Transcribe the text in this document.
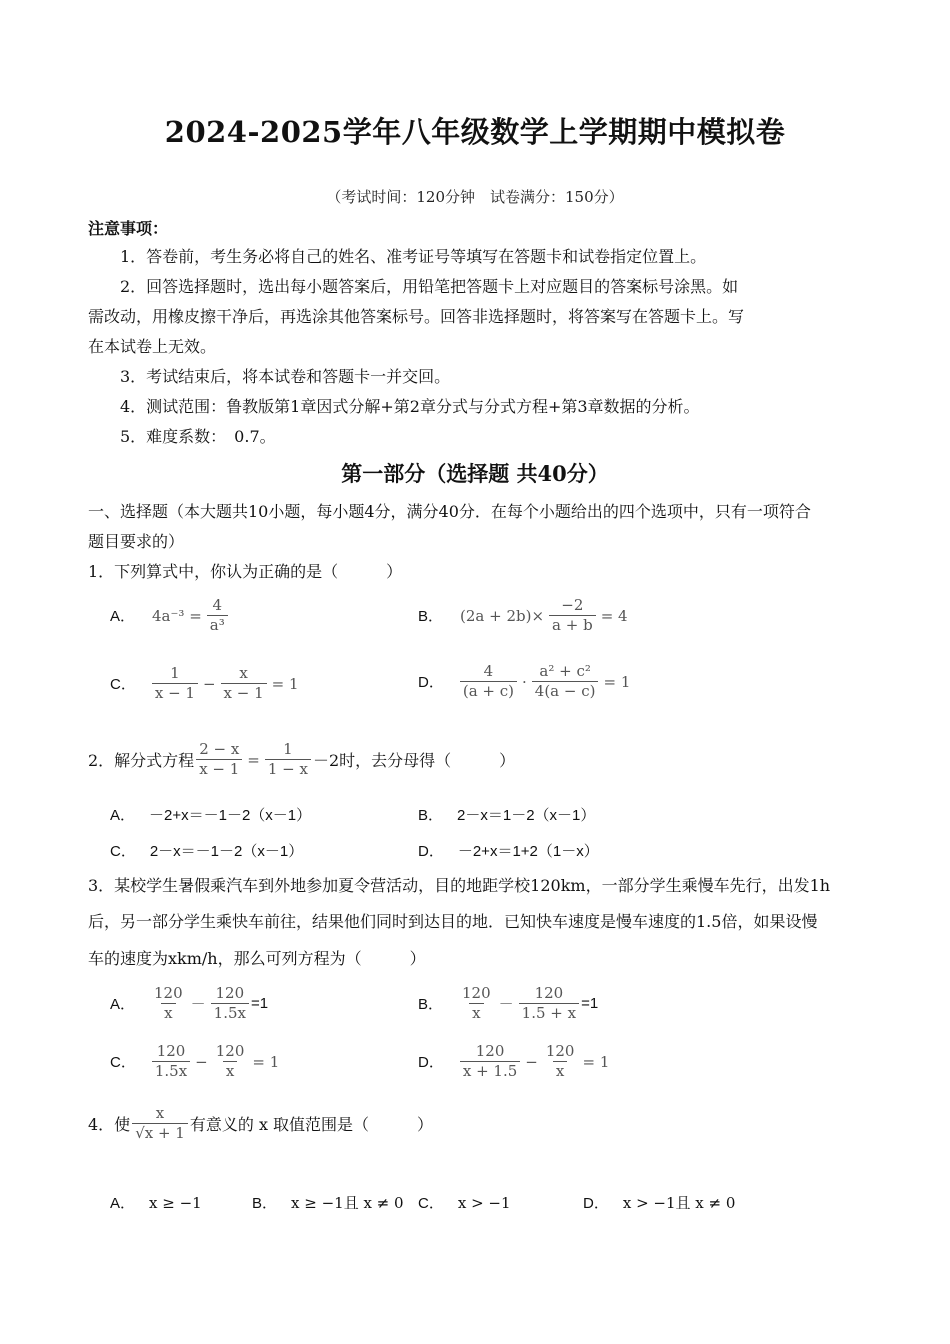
2024-2025学年八年级数学上学期期中模拟卷
（考试时间：120分钟　试卷满分：150分）
注意事项：
1．答卷前，考生务必将自己的姓名、准考证号等填写在答题卡和试卷指定位置上。
2．回答选择题时，选出每小题答案后，用铅笔把答题卡上对应题目的答案标号涂黑。如
需改动，用橡皮擦干净后，再选涂其他答案标号。回答非选择题时，将答案写在答题卡上。写
在本试卷上无效。
3．考试结束后，将本试卷和答题卡一并交回。
4．测试范围：鲁教版第1章因式分解+第2章分式与分式方程+第3章数据的分析。
5．难度系数：　0.7。
第一部分（选择题 共40分）
一、选择题（本大题共10小题，每小题4分，满分40分．在每个小题给出的四个选项中，只有一项符合
题目要求的）
1．下列算式中，你认为正确的是（　　　）
A． $4a^{-3} = \frac{4}{\text{a³}}$	B． $(2a + 2b)\times \frac{-2}{a + b} = 4$
C． $\frac{1}{x - 1} - \frac{x}{x - 1} = 1$	D． $\frac{4}{(a + c)} \cdot \frac{\text{a² + c²}}{4(a - c)} = 1$
2．解分式方程 $\frac{2 - x}{x - 1} = \frac{1}{1 - x} -2$时，去分母得（　　　）
A． －2+x＝－1－2（x－1）	B． 2－x＝1－2（x－1）
C． 2－x＝－1－2（x－1）	D． －2+x＝1+2（1－x）
3．某校学生暑假乘汽车到外地参加夏令营活动，目的地距学校120km，一部分学生乘慢车先行，出发1h
后，另一部分学生乘快车前往，结果他们同时到达目的地．已知快车速度是慢车速度的1.5倍，如果设慢
车的速度为xkm/h，那么可列方程为（　　　）
A． $\frac{120}{x} - \frac{120}{1.5x} =1$	B． $\frac{120}{x} - \frac{120}{1.5 + x} =1$
C． $\frac{120}{1.5x} - \frac{120}{x} = 1$	D． $\frac{120}{x + 1.5} - \frac{120}{x} = 1$
4．使 $\frac{x}{√x + 1}$ 有意义的 x 取值范围是（　　　）
A． x ≥ −1	B． x ≥ −1且 x ≠ 0 C． x > −1	D． x > −1且 x ≠ 0
